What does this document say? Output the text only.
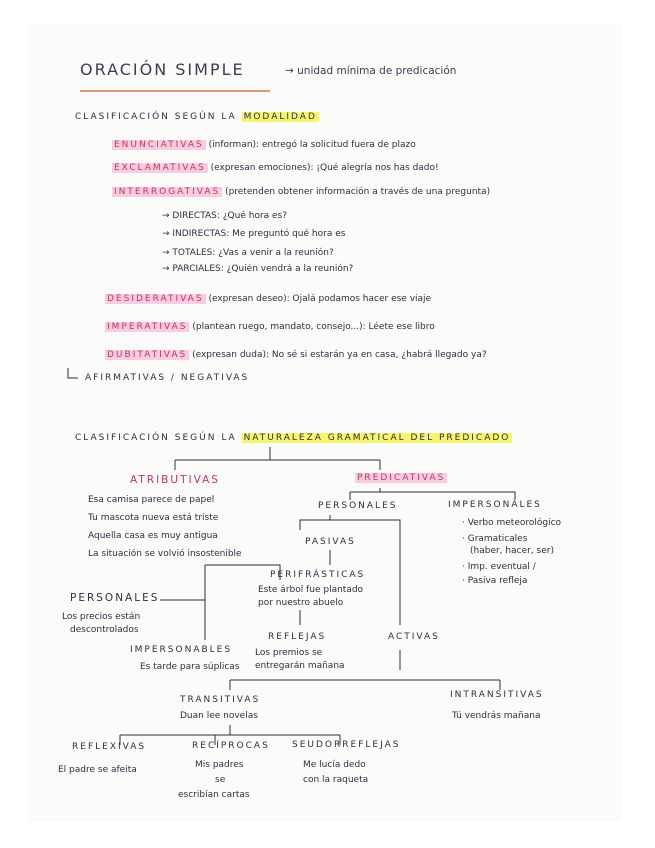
ORACIÓN SIMPLE	→ unidad mínima de predicación
CLASIFICACIÓN SEGÚN LA MODALIDAD
ENUNCIATIVAS (informan): entregó la solicitud fuera de plazo
EXCLAMATIVAS (expresan emociones): ¡Qué alegría nos has dado!
INTERROGATIVAS (pretenden obtener información a través de una pregunta)
→ DIRECTAS: ¿Qué hora es?
→ INDIRECTAS: Me preguntó qué hora es
→ TOTALES: ¿Vas a venir a la reunión?
→ PARCIALES: ¿Quién vendrá a la reunión?
DESIDERATIVAS (expresan deseo): Ojalá podamos hacer ese viaje
IMPERATIVAS (plantean ruego, mandato, consejo...): Léete ese libro
DUBITATIVAS (expresan duda): No sé si estarán ya en casa, ¿habrá llegado ya?
AFIRMATIVAS / NEGATIVAS
CLASIFICACIÓN SEGÚN LA NATURALEZA GRAMATICAL DEL PREDICADO
ATRIBUTIVAS
Esa camisa parece de papel
Tu mascota nueva está triste
Aquella casa es muy antigua
La situación se volvió insostenible
PREDICATIVAS
PERSONALES	IMPERSONALES
· Verbo meteorológico
· Gramaticales
(haber, hacer, ser)
· Imp. eventual /
· Pasiva refleja
PASIVAS
PERIFRÁSTICAS
Este árbol fue plantado
por nuestro abuelo
PERSONALES
Los precios están
descontrolados
IMPERSONABLES
Es tarde para súplicas
REFLEJAS
Los premios se
entregarán mañana
ACTIVAS
TRANSITIVAS
Duan lee novelas
INTRANSITIVAS
Tú vendrás mañana
REFLEXIVAS
El padre se afeita
RECÍPROCAS
Mis padres
se
escribían cartas
SEUDORREFLEJAS
Me lucía dedo
con la raqueta
